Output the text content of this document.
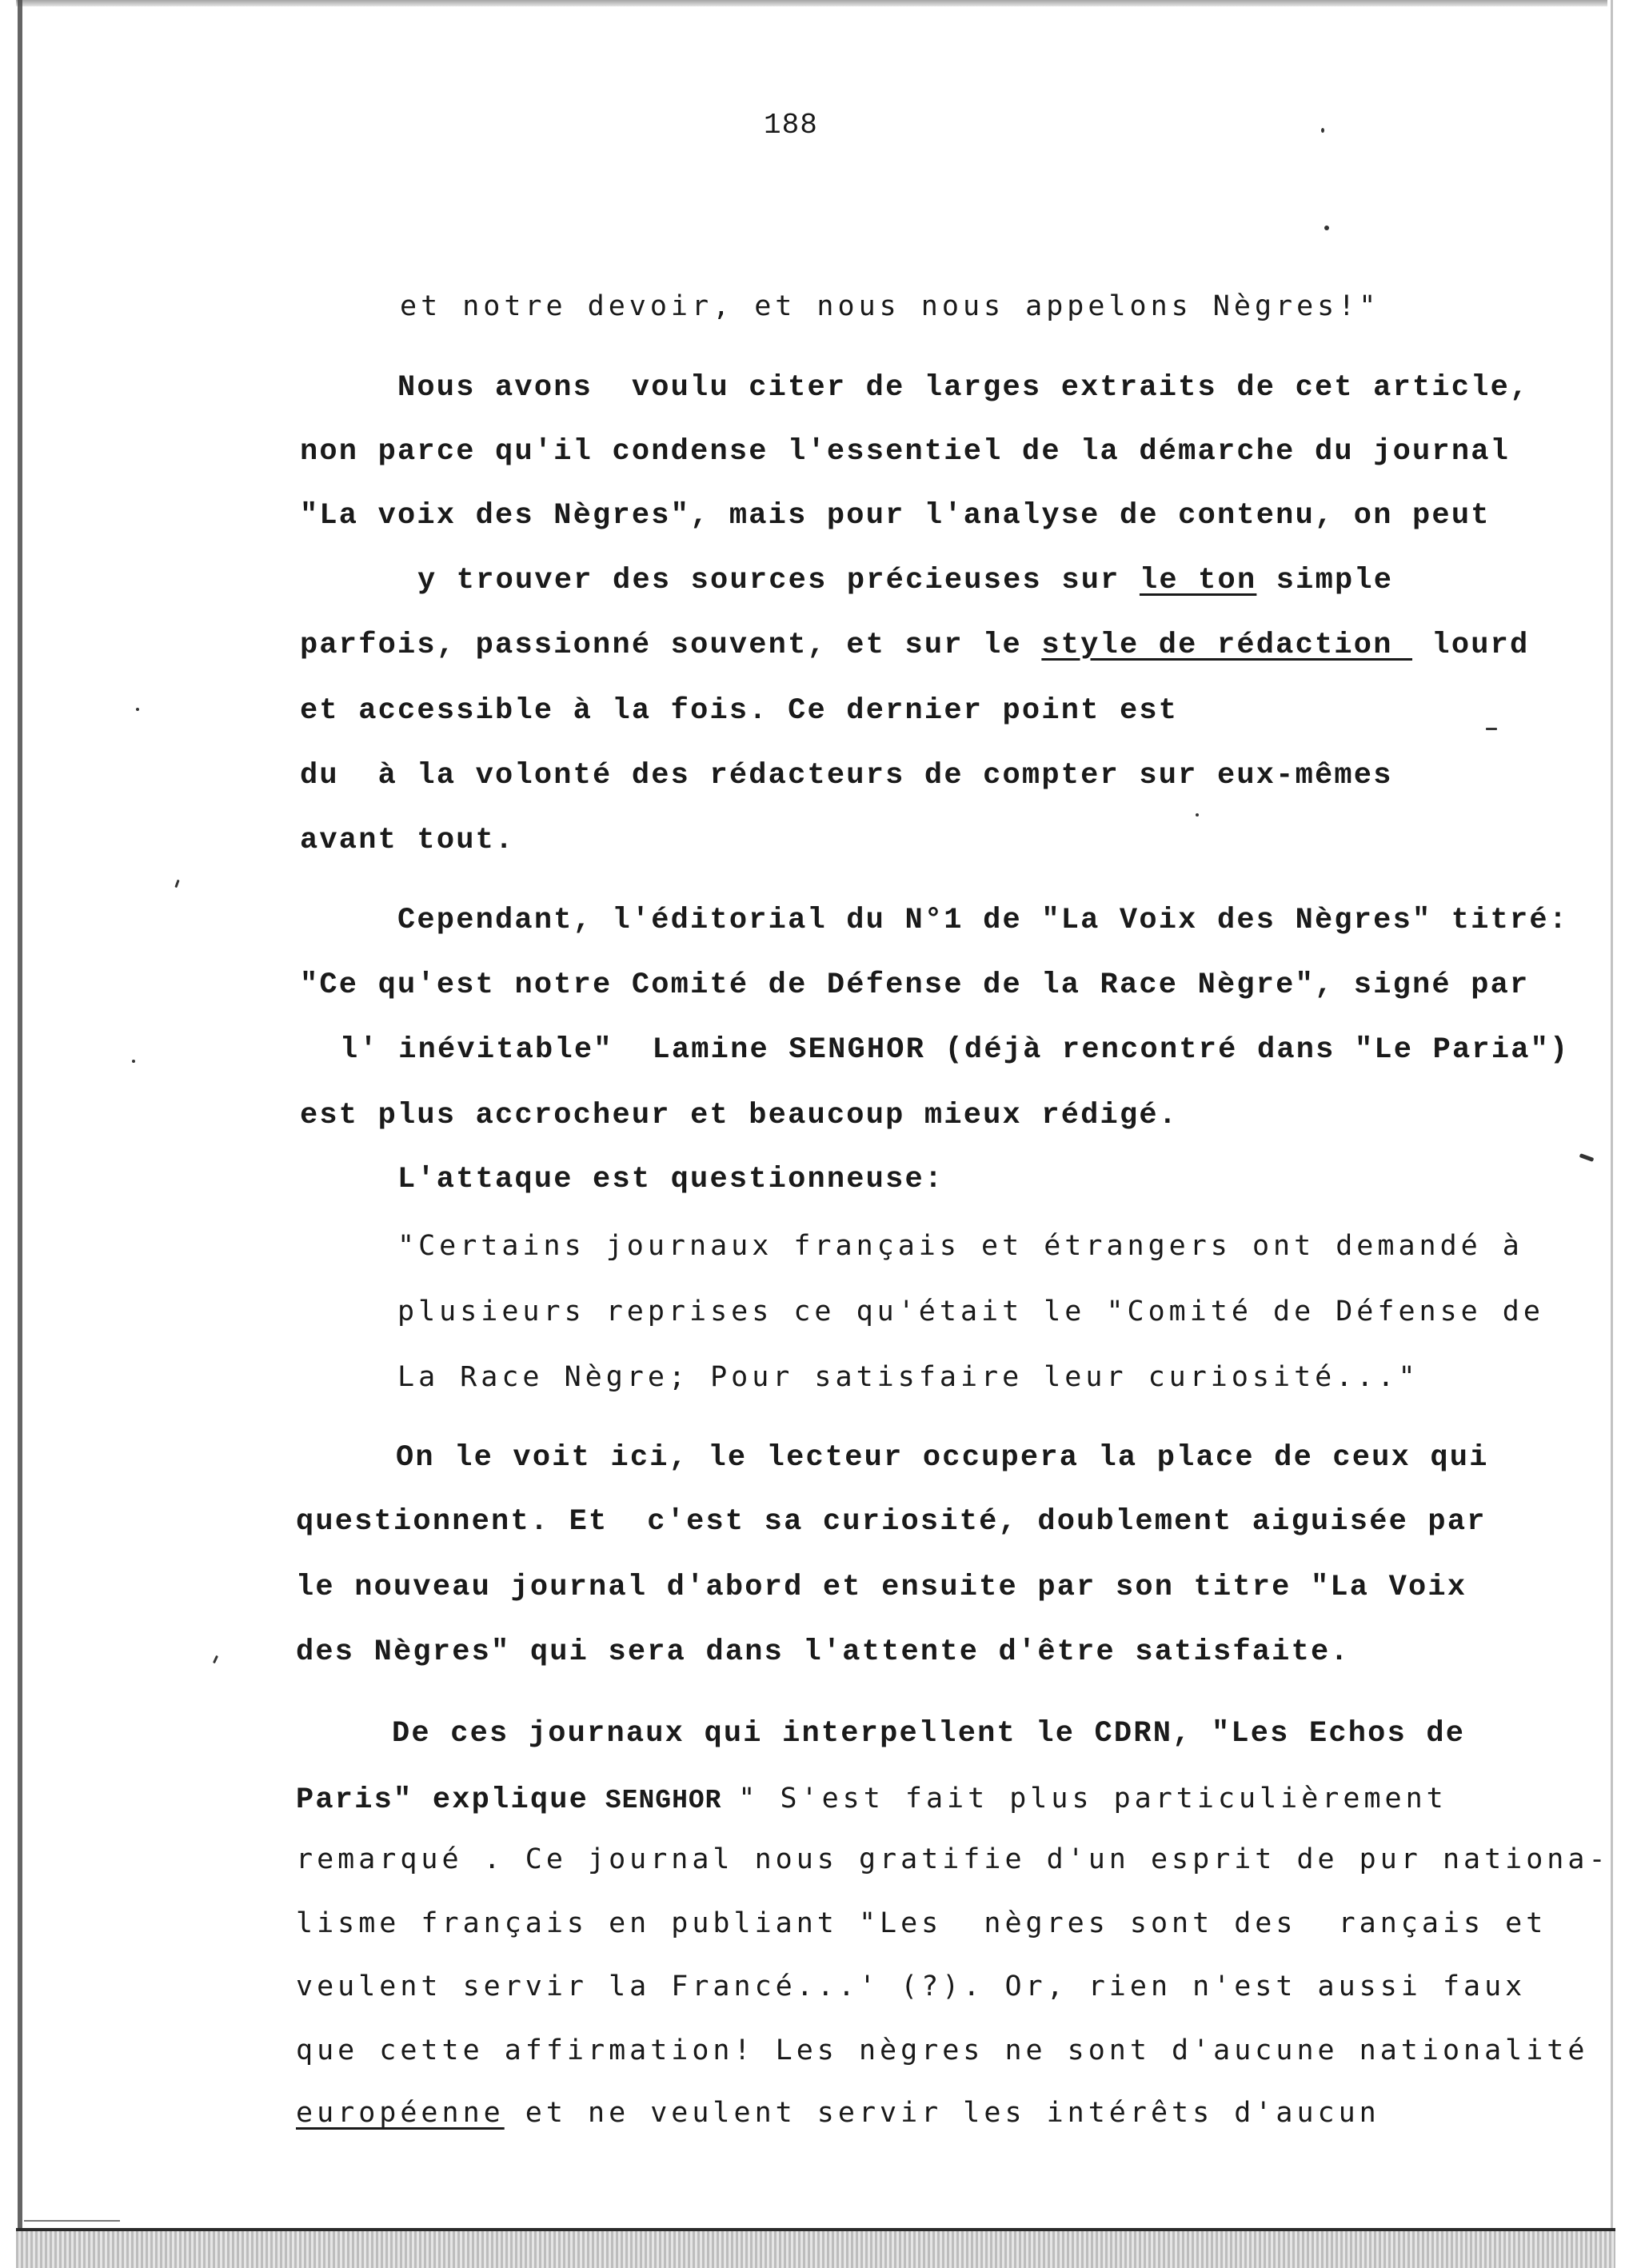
188
et notre devoir, et nous nous appelons Nègres!"
Nous avons  voulu citer de larges extraits de cet article,
non parce qu'il condense l'essentiel de la démarche du journal
"La voix des Nègres", mais pour l'analyse de contenu, on peut
y trouver des sources précieuses sur le ton simple
parfois, passionné souvent, et sur le style de rédaction  lourd
et accessible à la fois. Ce dernier point est
du  à la volonté des rédacteurs de compter sur eux-mêmes
avant tout.
Cependant, l'éditorial du N°1 de "La Voix des Nègres" titré:
"Ce qu'est notre Comité de Défense de la Race Nègre", signé par
l' inévitable"  Lamine SENGHOR (déjà rencontré dans "Le Paria")
est plus accrocheur et beaucoup mieux rédigé.
L'attaque est questionneuse:
"Certains journaux français et étrangers ont demandé à
plusieurs reprises ce qu'était le "Comité de Défense de
La Race Nègre; Pour satisfaire leur curiosité..."
On le voit ici, le lecteur occupera la place de ceux qui
questionnent. Et  c'est sa curiosité, doublement aiguisée par
le nouveau journal d'abord et ensuite par son titre "La Voix
des Nègres" qui sera dans l'attente d'être satisfaite.
De ces journaux qui interpellent le CDRN, "Les Echos de
Paris" explique SENGHOR " S'est fait plus particulièrement
remarqué . Ce journal nous gratifie d'un esprit de pur nationa-
lisme français en publiant "Les  nègres sont des  rançais et
veulent servir la Francé...' (?). Or, rien n'est aussi faux
que cette affirmation! Les nègres ne sont d'aucune nationalité
européenne et ne veulent servir les intérêts d'aucun
